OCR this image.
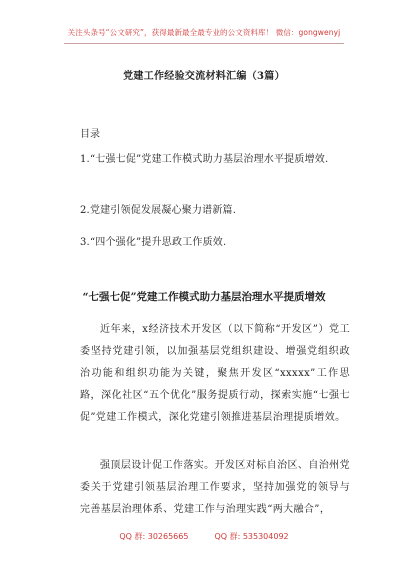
关注头条号“公文研究”，获得最新最全最专业的公文资料库！ 微信：gongwenyj
党建工作经验交流材料汇编（3篇）
目录
1.“七强七促”党建工作模式助力基层治理水平提质增效.
2.党建引领促发展凝心聚力谱新篇.
3.“四个强化”提升思政工作质效.
“七强七促”党建工作模式助力基层治理水平提质增效
近年来，x经济技术开发区（以下简称“开发区”）党工委坚持党建引领，以加强基层党组织建设、增强党组织政治功能和组织功能为关键，聚焦开发区“xxxxx”工作思路，深化社区“五个优化”服务提质行动，探索实施“七强七促”党建工作模式，深化党建引领推进基层治理提质增效。
强顶层设计促工作落实。开发区对标自治区、自治州党委关于党建引领基层治理工作要求，坚持加强党的领导与完善基层治理体系、党建工作与治理实践“两大融合”，
QQ 群: 30265665	QQ 群: 535304092
